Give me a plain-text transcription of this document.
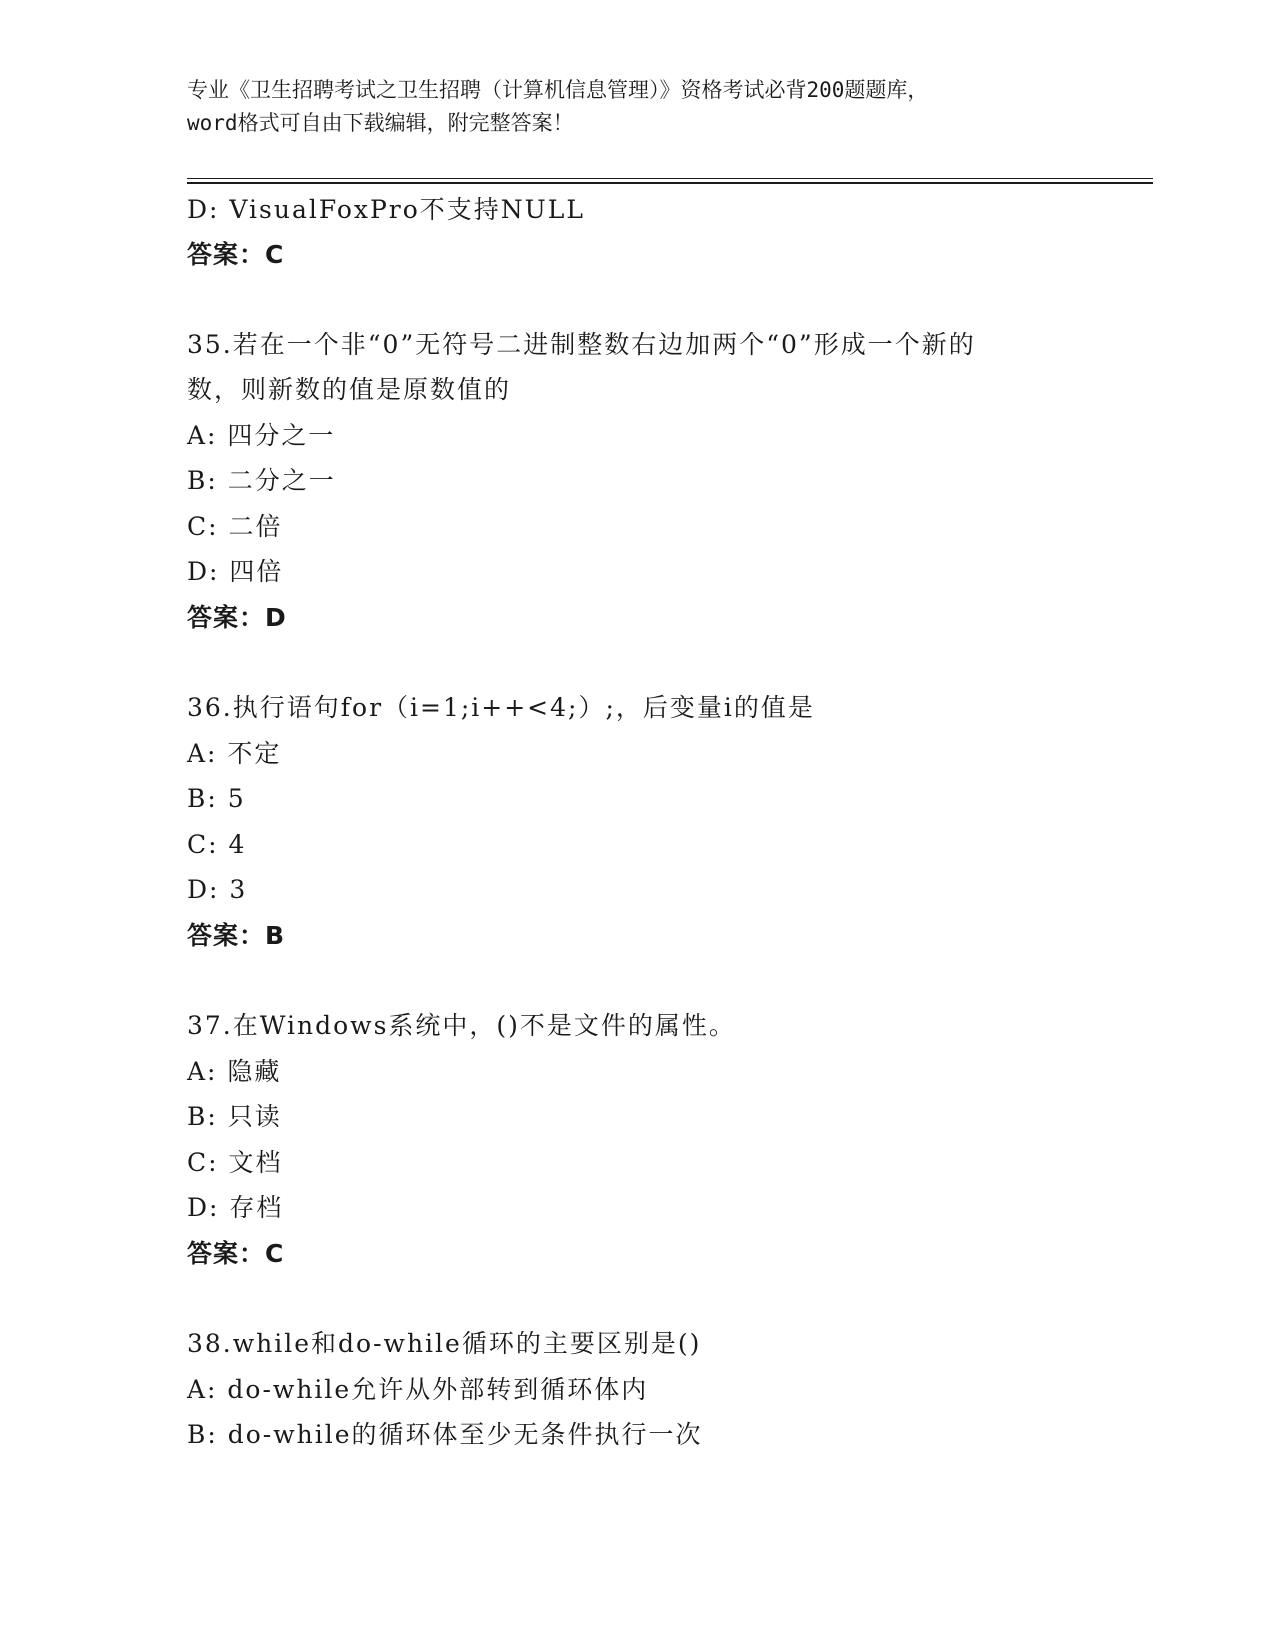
专业《卫生招聘考试之卫生招聘（计算机信息管理）》资格考试必背200题题库，
word格式可自由下载编辑，附完整答案！
D: VisualFoxPro不支持NULL
答案：C
35.若在一个非“0”无符号二进制整数右边加两个“0”形成一个新的
数，则新数的值是原数值的
A: 四分之一
B: 二分之一
C: 二倍
D: 四倍
答案：D
36.执行语句for（i=1;i++<4;）;，后变量i的值是
A: 不定
B: 5
C: 4
D: 3
答案：B
37.在Windows系统中，()不是文件的属性。
A: 隐藏
B: 只读
C: 文档
D: 存档
答案：C
38.while和do-while循环的主要区别是()
A: do-while允许从外部转到循环体内
B: do-while的循环体至少无条件执行一次
